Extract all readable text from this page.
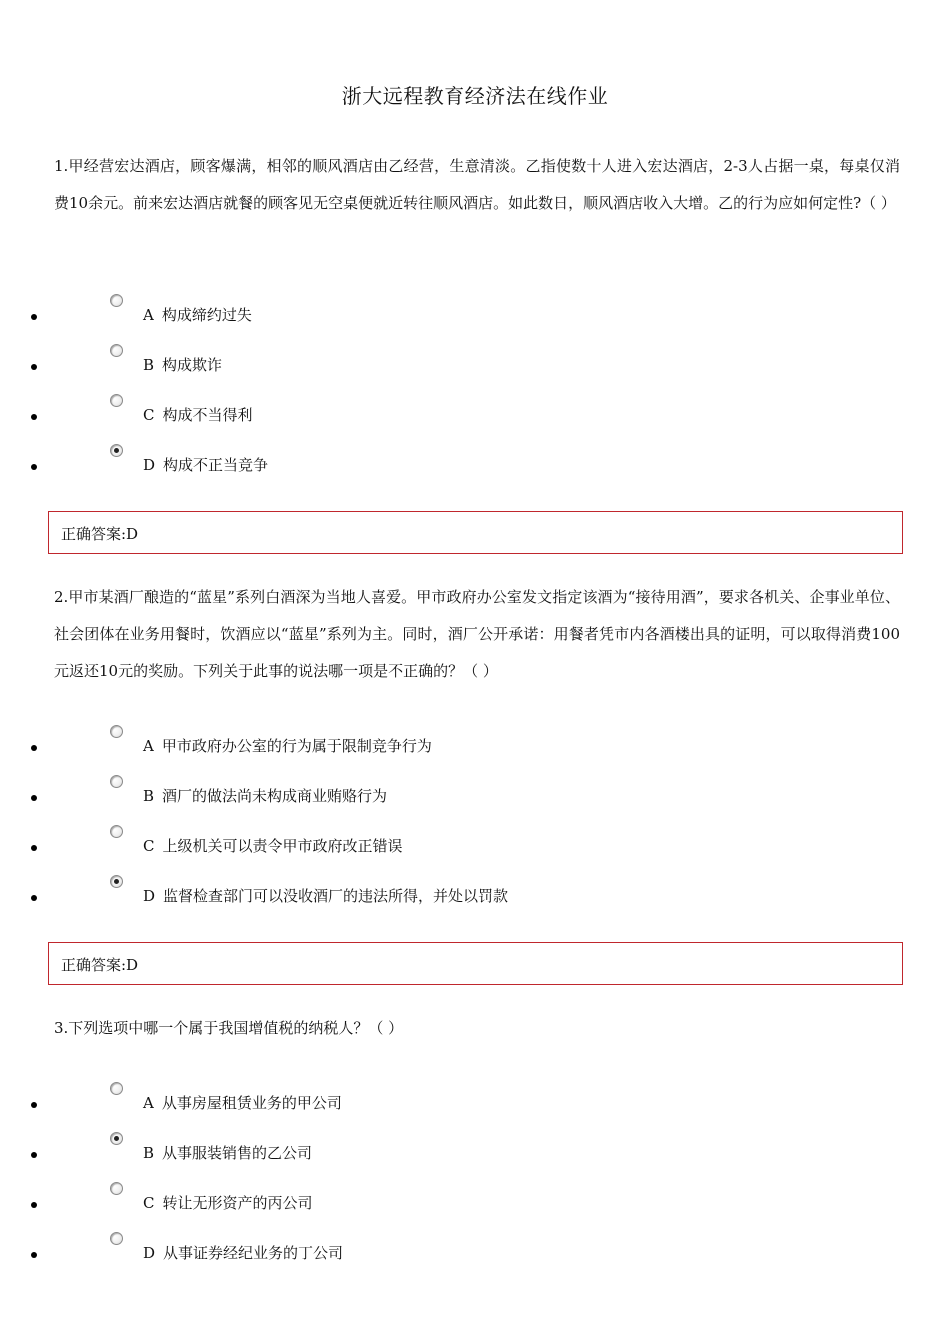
浙大远程教育经济法在线作业
1.甲经营宏达酒店，顾客爆满，相邻的顺风酒店由乙经营，生意清淡。乙指使数十人进入宏达酒店，2-3人占据一桌，每桌仅消费10余元。前来宏达酒店就餐的顾客见无空桌便就近转往顺风酒店。如此数日，顺风酒店收入大增。乙的行为应如何定性?（ ）
A 构成缔约过失
B 构成欺诈
C 构成不当得利
D 构成不正当竞争
正确答案:D
2.甲市某酒厂酿造的“蓝星”系列白酒深为当地人喜爱。甲市政府办公室发文指定该酒为“接待用酒”，要求各机关、企事业单位、社会团体在业务用餐时，饮酒应以“蓝星”系列为主。同时，酒厂公开承诺：用餐者凭市内各酒楼出具的证明，可以取得消费100元返还10元的奖励。下列关于此事的说法哪一项是不正确的？（ ）
A 甲市政府办公室的行为属于限制竞争行为
B 酒厂的做法尚未构成商业贿赂行为
C 上级机关可以责令甲市政府改正错误
D 监督检查部门可以没收酒厂的违法所得，并处以罚款
正确答案:D
3.下列选项中哪一个属于我国增值税的纳税人？（ ）
A 从事房屋租赁业务的甲公司
B 从事服装销售的乙公司
C 转让无形资产的丙公司
D 从事证券经纪业务的丁公司
